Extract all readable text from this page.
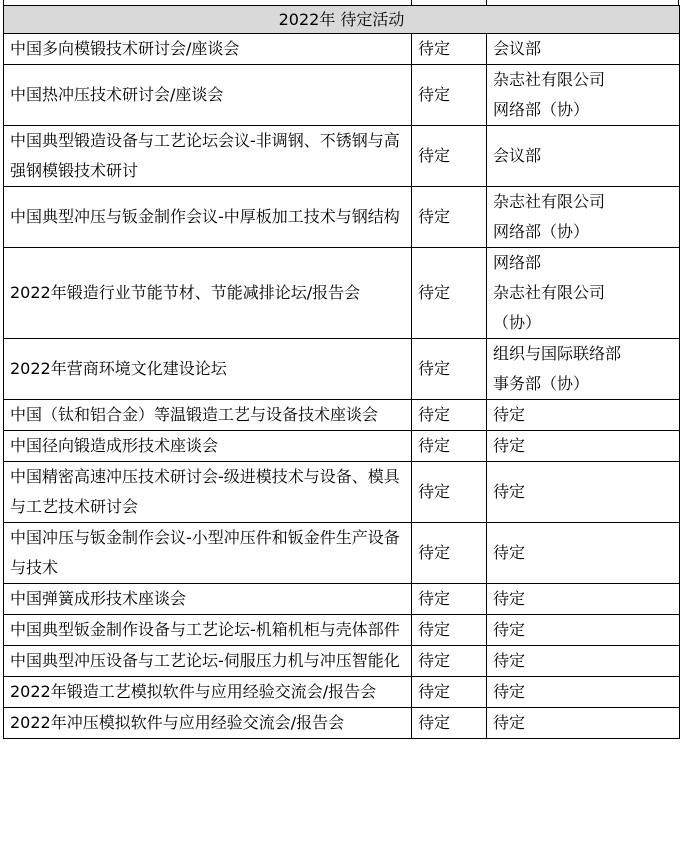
2022年 待定活动		
中国多向模锻技术研讨会/座谈会	待定	会议部

中国热冲压技术研讨会/座谈会	待定	杂志社有限公司
网络部（协）

中国典型锻造设备与工艺论坛会议-非调钢、不锈钢与高强钢模锻技术研讨	待定	会议部

中国典型冲压与钣金制作会议-中厚板加工技术与钢结构	待定	杂志社有限公司
网络部（协）

2022年锻造行业节能节材、节能减排论坛/报告会	待定	网络部
杂志社有限公司
（协）

2022年营商环境文化建设论坛	待定	组织与国际联络部
事务部（协）

中国（钛和铝合金）等温锻造工艺与设备技术座谈会	待定	待定

中国径向锻造成形技术座谈会	待定	待定

中国精密高速冲压技术研讨会-级进模技术与设备、模具与工艺技术研讨会	待定	待定

中国冲压与钣金制作会议-小型冲压件和钣金件生产设备与技术	待定	待定

中国弹簧成形技术座谈会	待定	待定

中国典型钣金制作设备与工艺论坛-机箱机柜与壳体部件	待定	待定

中国典型冲压设备与工艺论坛-伺服压力机与冲压智能化	待定	待定

2022年锻造工艺模拟软件与应用经验交流会/报告会	待定	待定

2022年冲压模拟软件与应用经验交流会/报告会	待定	待定
